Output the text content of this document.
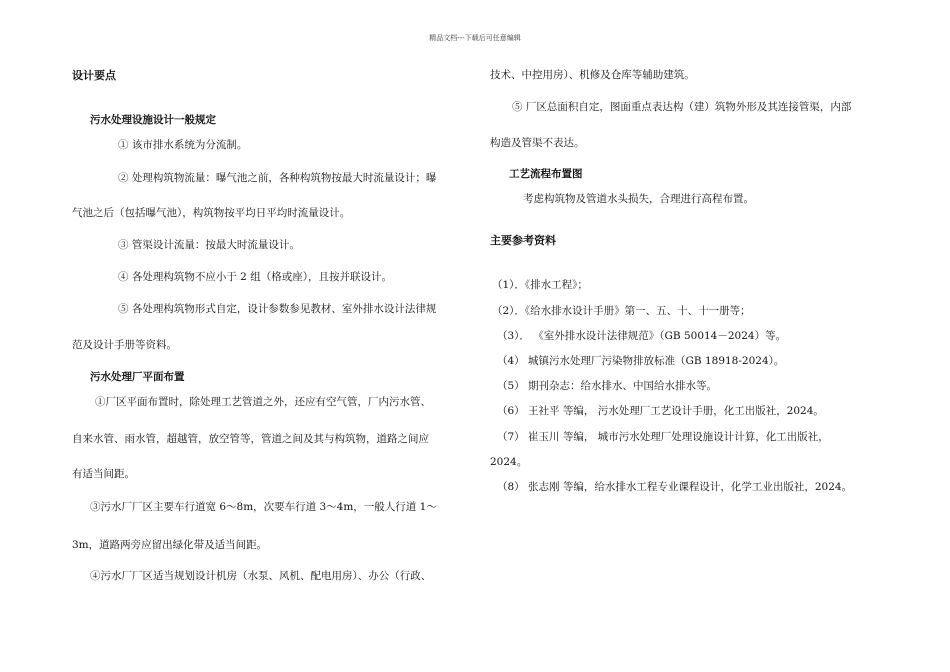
精品文档---下载后可任意编辑
设计要点
污水处理设施设计一般规定
① 该市排水系统为分流制。
② 处理构筑物流量：曝气池之前，各种构筑物按最大时流量设计；曝
气池之后（包括曝气池），构筑物按平均日平均时流量设计。
③ 管渠设计流量：按最大时流量设计。
④ 各处理构筑物不应小于 2 组（格或座），且按并联设计。
⑤ 各处理构筑物形式自定，设计参数参见教材、室外排水设计法律规
范及设计手册等资料。
污水处理厂平面布置
①厂区平面布置时，除处理工艺管道之外，还应有空气管，厂内污水管、
自来水管、雨水管，超越管，放空管等，管道之间及其与构筑物，道路之间应
有适当间距。
③污水厂厂区主要车行道宽 6～8m，次要车行道 3～4m，一般人行道 1～
3m，道路两旁应留出绿化带及适当间距。
④污水厂厂区适当规划设计机房（水泵、风机、配电用房）、办公（行政、
技术、中控用房）、机修及仓库等辅助建筑。
⑤ 厂区总面积自定，图面重点表达构（建）筑物外形及其连接管渠，内部
构造及管渠不表达。
工艺流程布置图
考虑构筑物及管道水头损失，合理进行高程布置。
主要参考资料
（1）．《排水工程》；
（2）．《给水排水设计手册》第一、五、十、十一册等；
（3）． 《室外排水设计法律规范》（GB 50014－2024）等。
（4） 城镇污水处理厂污染物排放标准（GB 18918-2024）。
（5） 期刊杂志：给水排水、中国给水排水等。
（6） 王社平 等编， 污水处理厂工艺设计手册，化工出版社，2024。
（7） 崔玉川 等编， 城市污水处理厂处理设施设计计算，化工出版社，
2024。
（8） 张志刚 等编，给水排水工程专业课程设计，化学工业出版社，2024。
